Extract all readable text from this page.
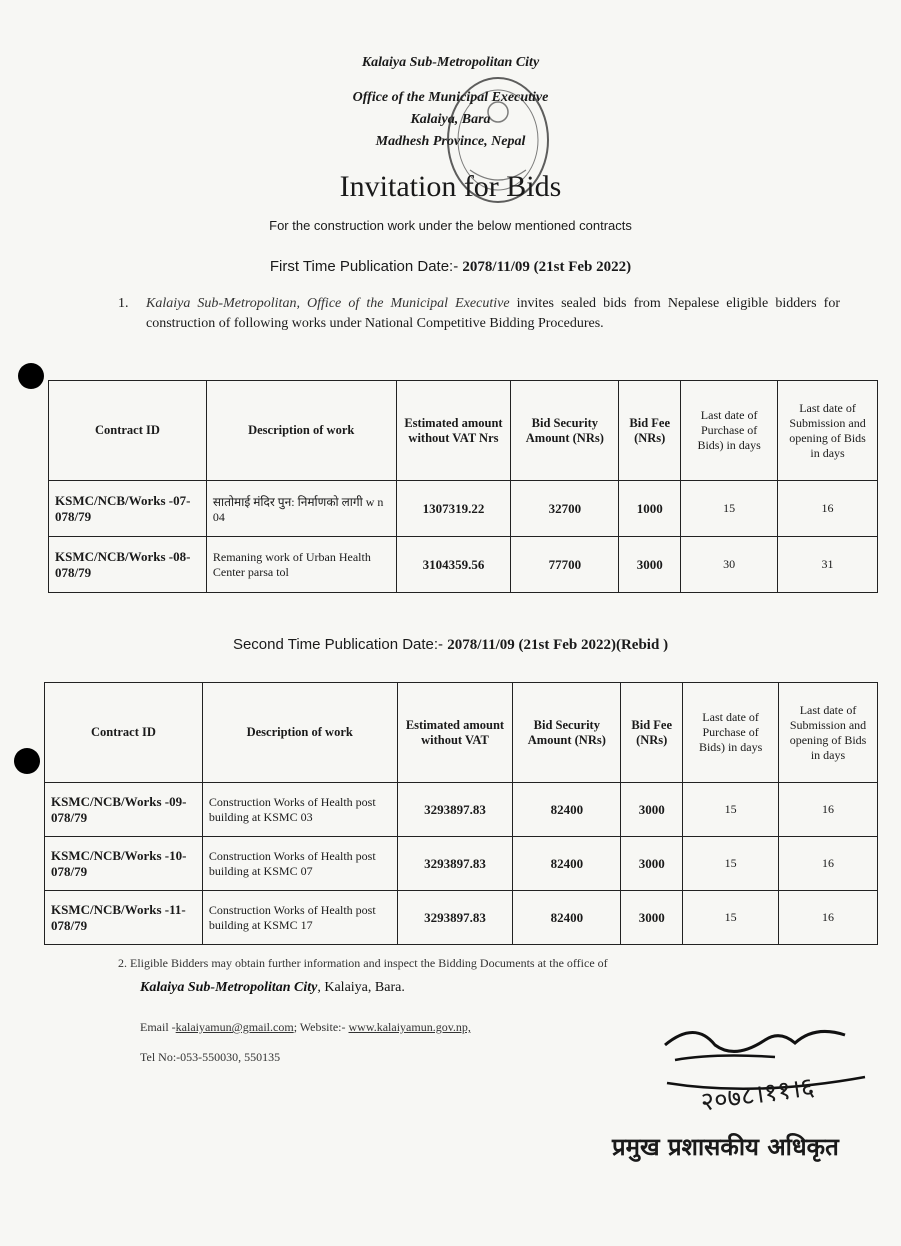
Kalaiya Sub-Metropolitan City
Office of the Municipal Executive
Kalaiya, Bara
Madhesh Province, Nepal
Invitation for Bids
For the construction work under the below mentioned contracts
First Time Publication Date:- 2078/11/09 (21st Feb 2022)
1. Kalaiya Sub-Metropolitan, Office of the Municipal Executive invites sealed bids from Nepalese eligible bidders for construction of following works under National Competitive Bidding Procedures.
Contract ID	Description of work	Estimated amount without VAT Nrs	Bid Security Amount (NRs)	Bid Fee (NRs)	Last date of Purchase of Bids) in days	Last date of Submission and opening of Bids in days
KSMC/NCB/Works -07-078/79	सातोमाई मंदिर पुन: निर्माणको लागी w n 04	1307319.22	32700	1000	15	16
KSMC/NCB/Works -08-078/79	Remaning work of Urban Health Center parsa tol	3104359.56	77700	3000	30	31
Second Time Publication Date:- 2078/11/09 (21st Feb 2022)(Rebid )
Contract ID	Description of work	Estimated amount without VAT	Bid Security Amount (NRs)	Bid Fee (NRs)	Last date of Purchase of Bids) in days	Last date of Submission and opening of Bids in days
KSMC/NCB/Works -09-078/79	Construction Works of Health post building at KSMC 03	3293897.83	82400	3000	15	16
KSMC/NCB/Works -10-078/79	Construction Works of Health post building at KSMC 07	3293897.83	82400	3000	15	16
KSMC/NCB/Works -11-078/79	Construction Works of Health post building at KSMC 17	3293897.83	82400	3000	15	16
2. Eligible Bidders may obtain further information and inspect the Bidding Documents at the office of
Kalaiya Sub-Metropolitan City, Kalaiya, Bara.
Email -kalaiyamun@gmail.com; Website:- www.kalaiyamun.gov.np,
Tel No:-053-550030, 550135
२०७८।११।६
प्रमुख प्रशासकीय अधिकृत
